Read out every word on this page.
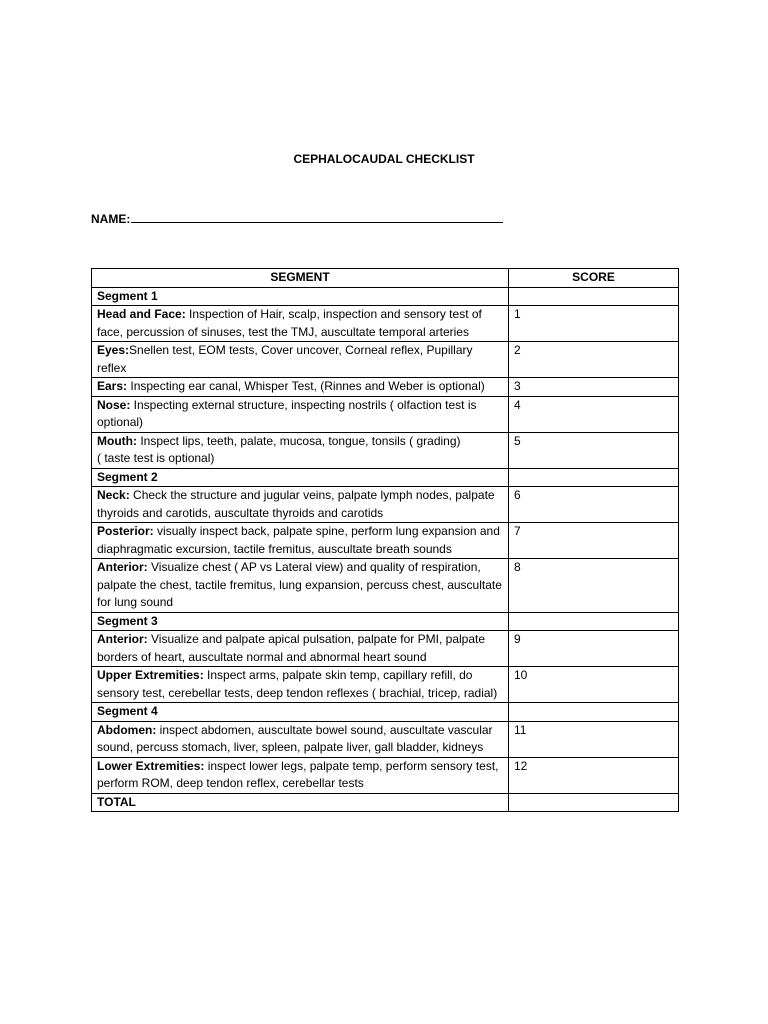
CEPHALOCAUDAL CHECKLIST
NAME:
SEGMENT	SCORE
Segment 1	
Head and Face: Inspection of Hair, scalp, inspection and sensory test of face, percussion of sinuses, test the TMJ, auscultate temporal arteries	1
Eyes:Snellen test, EOM tests, Cover uncover, Corneal reflex, Pupillary reflex	2
Ears: Inspecting ear canal, Whisper Test, (Rinnes and Weber is optional)	3
Nose: Inspecting external structure, inspecting nostrils ( olfaction test is optional)	4
Mouth: Inspect lips, teeth, palate, mucosa, tongue, tonsils ( grading)
( taste test is optional)	5
Segment 2	
Neck: Check the structure and jugular veins, palpate lymph nodes, palpate thyroids and carotids, auscultate thyroids and carotids	6
Posterior: visually inspect back, palpate spine, perform lung expansion and diaphragmatic excursion, tactile fremitus, auscultate breath sounds	7
Anterior: Visualize chest ( AP vs Lateral view) and quality of respiration, palpate the chest, tactile fremitus, lung expansion, percuss chest, auscultate for lung sound	8
Segment 3	
Anterior: Visualize and palpate apical pulsation, palpate for PMI, palpate borders of heart, auscultate normal and abnormal heart sound	9
Upper Extremities: Inspect arms, palpate skin temp, capillary refill, do sensory test, cerebellar tests, deep tendon reflexes ( brachial, tricep, radial)	10
Segment 4	
Abdomen: inspect abdomen, auscultate bowel sound, auscultate vascular sound, percuss stomach, liver, spleen, palpate liver, gall bladder, kidneys	11
Lower Extremities: inspect lower legs, palpate temp, perform sensory test, perform ROM, deep tendon reflex, cerebellar tests	12
TOTAL	
